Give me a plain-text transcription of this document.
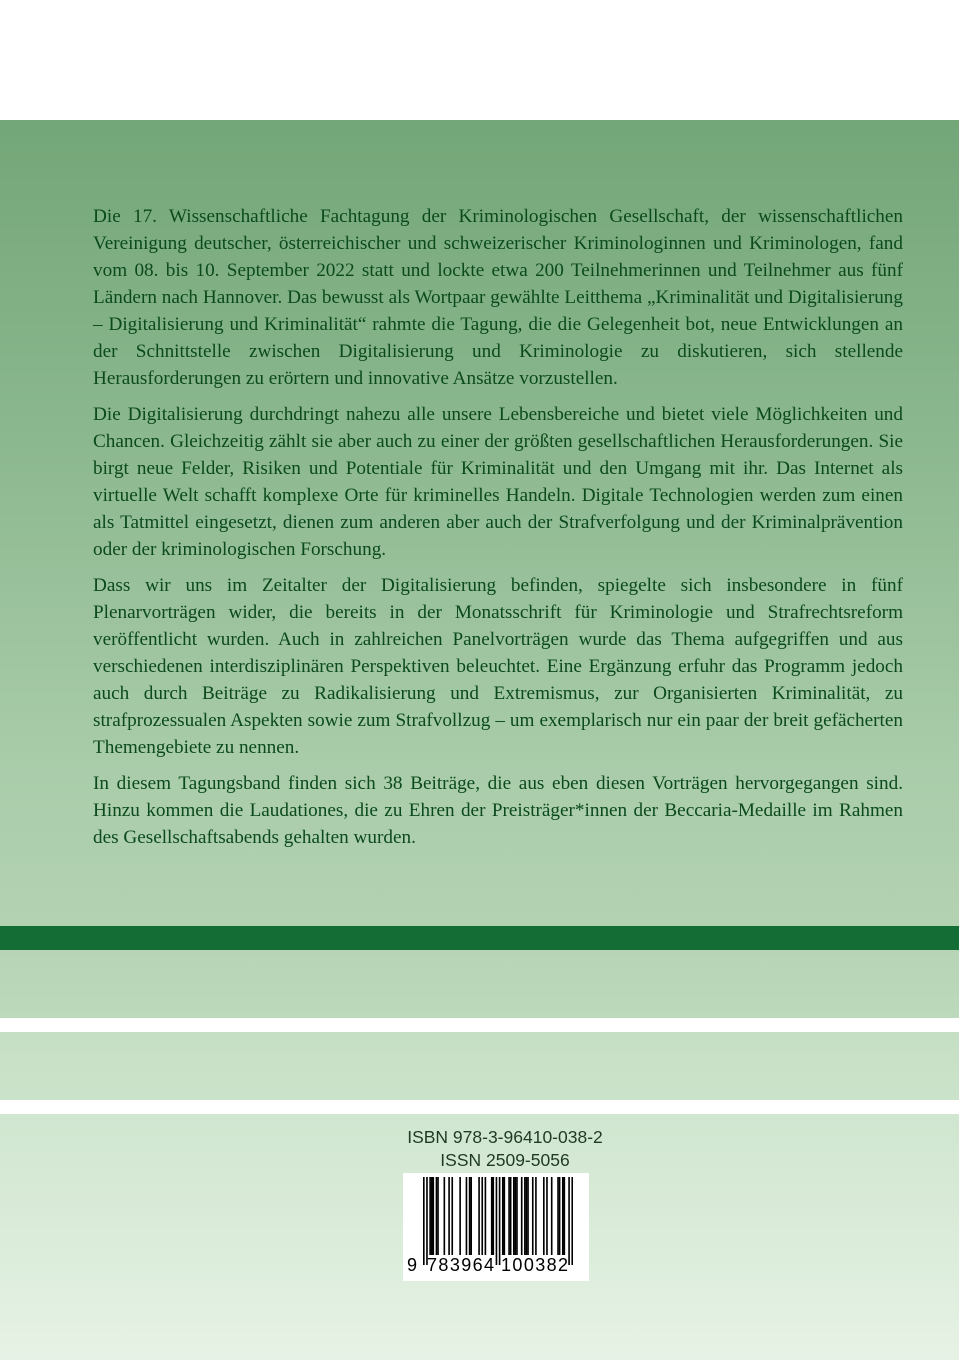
Die 17. Wissenschaftliche Fachtagung der Kriminologischen Gesellschaft, der wissenschaftlichen Vereinigung deutscher, österreichischer und schweizerischer Kriminologinnen und Kriminologen, fand vom 08. bis 10. September 2022 statt und lockte etwa 200 Teilnehmerinnen und Teilnehmer aus fünf Ländern nach Hannover. Das bewusst als Wortpaar gewählte Leitthema „Kriminalität und Digitalisierung – Digitalisierung und Kriminalität“ rahmte die Tagung, die die Gelegenheit bot, neue Entwicklungen an der Schnittstelle zwischen Digitalisierung und Kriminologie zu diskutieren, sich stellende Herausforderungen zu erörtern und innovative Ansätze vorzustellen.

Die Digitalisierung durchdringt nahezu alle unsere Lebensbereiche und bietet viele Möglichkeiten und Chancen. Gleichzeitig zählt sie aber auch zu einer der größten gesellschaftlichen Herausforderungen. Sie birgt neue Felder, Risiken und Potentiale für Kriminalität und den Umgang mit ihr. Das Internet als virtuelle Welt schafft komplexe Orte für kriminelles Handeln. Digitale Technologien werden zum einen als Tatmittel eingesetzt, dienen zum anderen aber auch der Strafverfolgung und der Kriminalprävention oder der kriminologischen Forschung.

Dass wir uns im Zeitalter der Digitalisierung befinden, spiegelte sich insbesondere in fünf Plenarvorträgen wider, die bereits in der Monatsschrift für Kriminologie und Strafrechtsreform veröffentlicht wurden. Auch in zahlreichen Panelvorträgen wurde das Thema aufgegriffen und aus verschiedenen interdisziplinären Perspektiven beleuchtet. Eine Ergänzung erfuhr das Programm jedoch auch durch Beiträge zu Radikalisierung und Extremismus, zur Organisierten Kriminalität, zu strafprozessualen Aspekten sowie zum Strafvollzug – um exemplarisch nur ein paar der breit gefächerten Themengebiete zu nennen.

In diesem Tagungsband finden sich 38 Beiträge, die aus eben diesen Vorträgen hervorgegangen sind. Hinzu kommen die Laudationes, die zu Ehren der Preisträger*innen der Beccaria-Medaille im Rahmen des Gesellschaftsabends gehalten wurden.

ISBN 978-3-96410-038-2
ISSN 2509-5056
9 783964 100382
